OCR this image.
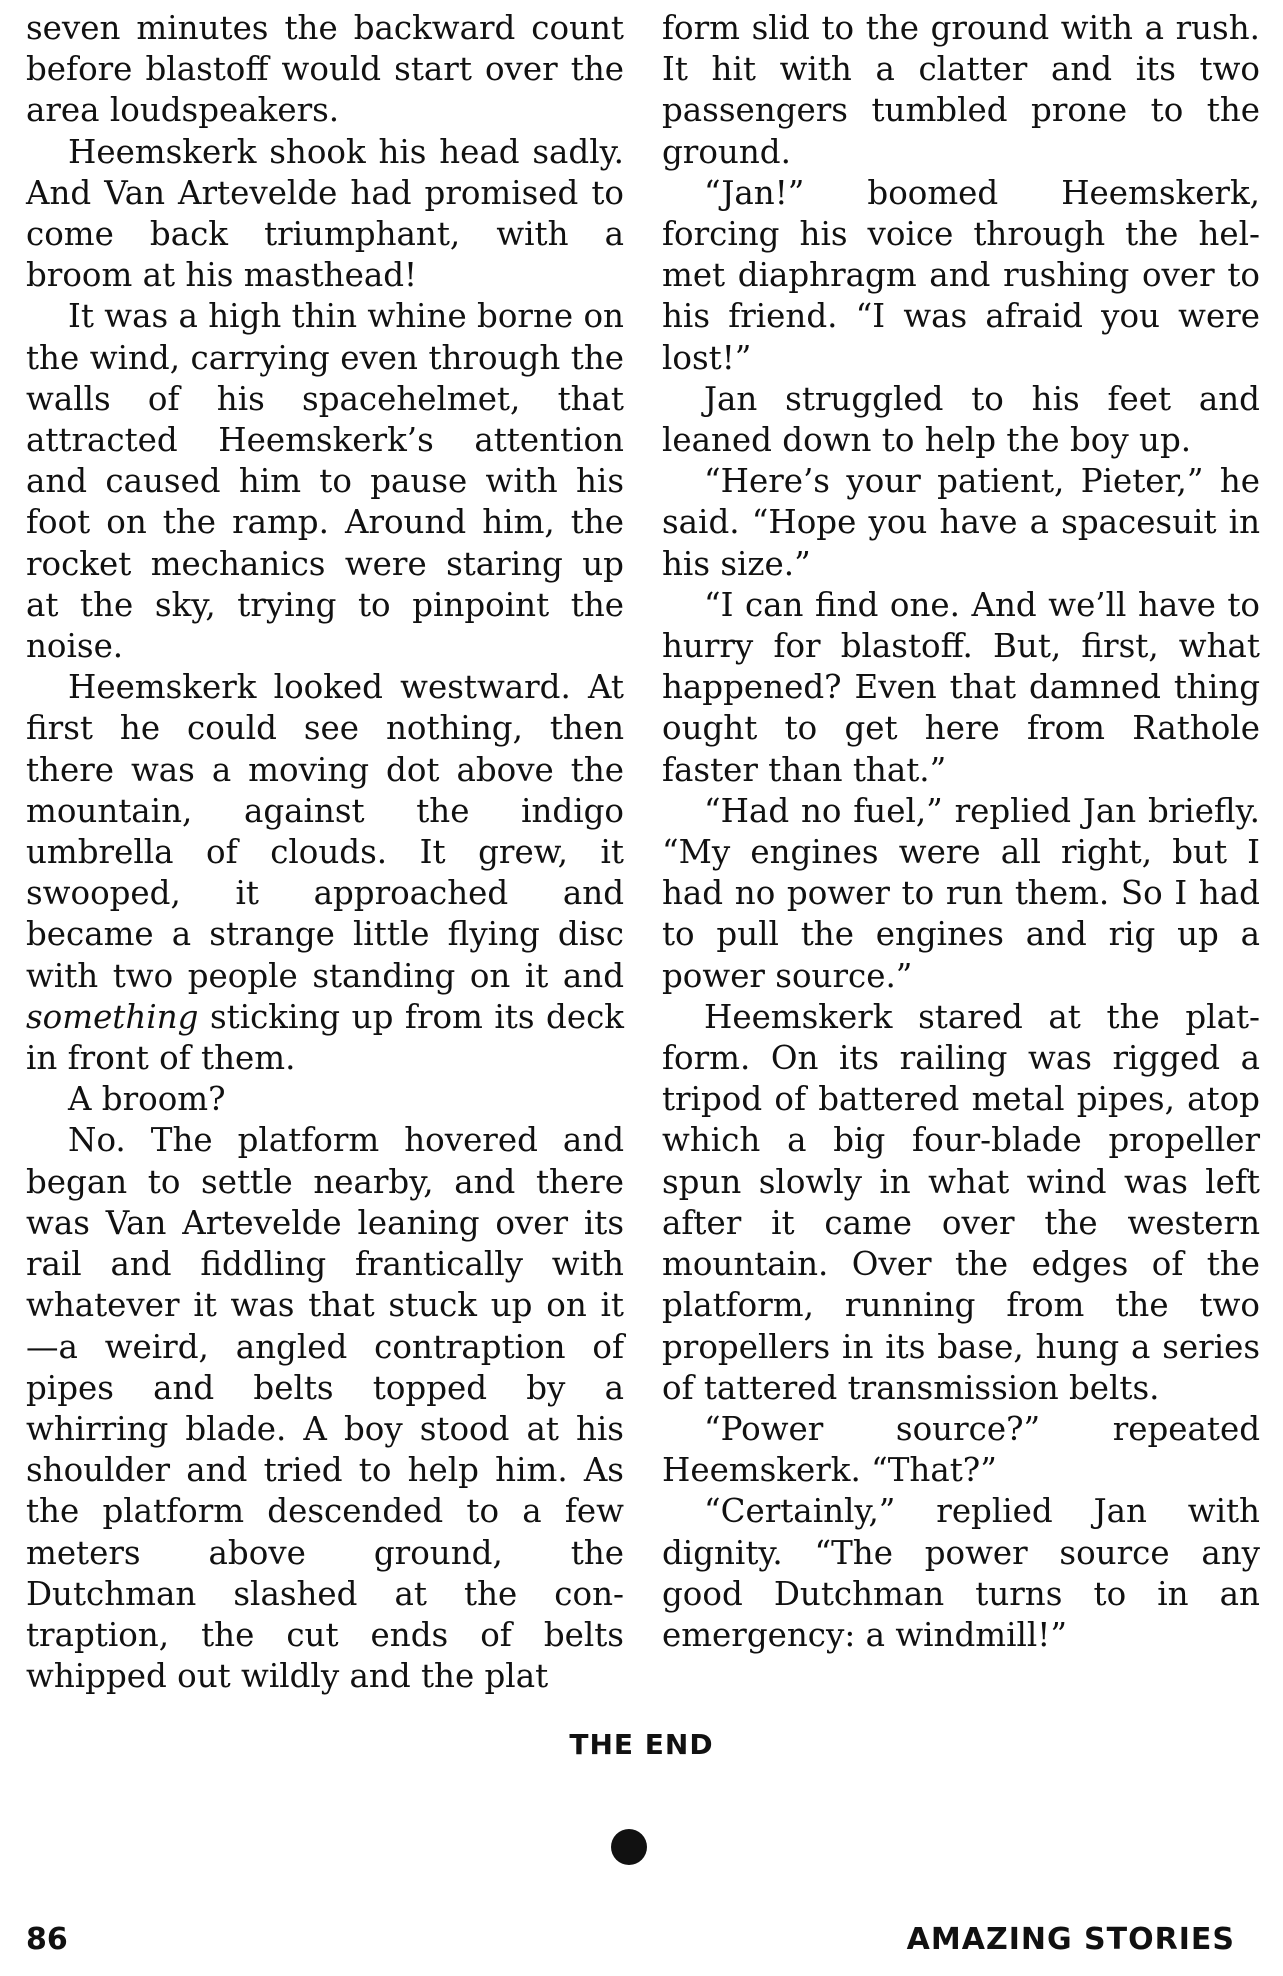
seven minutes the backward count before blastoff would start over the area loudspeakers.

Heemskerk shook his head sadly. And Van Artevelde had promised to come back triumphant, with a broom at his masthead!

It was a high thin whine borne on the wind, carrying even through the walls of his spacehelmet, that attracted Heemskerk’s attention and caused him to pause with his foot on the ramp. Around him, the rocket mechanics were staring up at the sky, trying to pinpoint the noise.

Heemskerk looked westward. At first he could see nothing, then there was a moving dot above the mountain, against the indigo umbrella of clouds. It grew, it swooped, it approached and became a strange little flying disc with two people standing on it and something sticking up from its deck in front of them.

A broom?

No. The platform hovered and began to settle nearby, and there was Van Artevelde leaning over its rail and fiddling frantically with whatever it was that stuck up on it—a weird, angled contraption of pipes and belts topped by a whirring blade. A boy stood at his shoulder and tried to help him. As the platform descended to a few meters above ground, the Dutchman slashed at the contraption, the cut ends of belts whipped out wildly and the plat

form slid to the ground with a rush. It hit with a clatter and its two passengers tumbled prone to the ground.

“Jan!” boomed Heemskerk, forcing his voice through the helmet diaphragm and rushing over to his friend. “I was afraid you were lost!”

Jan struggled to his feet and leaned down to help the boy up.

“Here’s your patient, Pieter,” he said. “Hope you have a spacesuit in his size.”

“I can find one. And we’ll have to hurry for blastoff. But, first, what happened? Even that damned thing ought to get here from Rathole faster than that.”

“Had no fuel,” replied Jan briefly. “My engines were all right, but I had no power to run them. So I had to pull the engines and rig up a power source.”

Heemskerk stared at the platform. On its railing was rigged a tripod of battered metal pipes, atop which a big four-blade propeller spun slowly in what wind was left after it came over the western mountain. Over the edges of the platform, running from the two propellers in its base, hung a series of tattered transmission belts.

“Power source?” repeated Heemskerk. “That?”

“Certainly,” replied Jan with dignity. “The power source any good Dutchman turns to in an emergency: a windmill!”

THE END
86	AMAZING STORIES
